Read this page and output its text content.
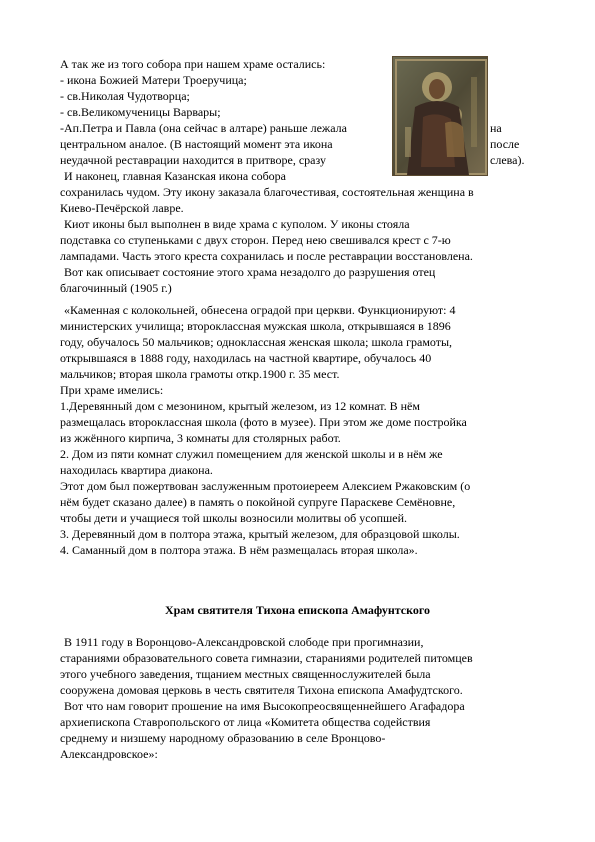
А так же из того собора при нашем храме остались:

- икона Божией Матери Троеручица;

- св.Николая Чудотворца;

- св.Великомученицы Варвары;

-Ап.Петра и Павла (она сейчас в алтаре) раньше лежала	на

центральном аналое. (В настоящий момент эта икона	после

неудачной реставрации находится в притворе, сразу	слева).

И наконец, главная Казанская икона собора

сохранилась чудом. Эту икону заказала благочестивая, состоятельная женщина в

Киево-Печёрской лавре.

Киот иконы был выполнен в виде храма с куполом. У иконы стояла

подставка со ступеньками с двух сторон. Перед нею свешивался крест с 7-ю

лампадами. Часть этого креста сохранилась и после реставрации восстановлена.

Вот как описывает состояние этого храма незадолго до разрушения отец

благочинный (1905 г.)

«Каменная с колокольней, обнесена оградой при церкви. Функционируют: 4

министерских училища; второклассная мужская школа, открывшаяся в 1896

году, обучалось 50 мальчиков; одноклассная женская школа; школа грамоты,

открывшаяся в 1888 году, находилась на частной квартире, обучалось 40

мальчиков; вторая школа грамоты откр.1900 г. 35 мест.

При храме имелись:

1.Деревянный дом с мезонином, крытый железом, из 12 комнат. В нём

размещалась второклассная школа (фото в музее). При этом же доме постройка

из жжённого кирпича, 3 комнаты для столярных работ.

2. Дом из пяти комнат служил помещением для женской школы и в нём же

находилась квартира диакона.

Этот дом был пожертвован заслуженным протоиереем Алексием Ржаковским (о

нём будет сказано далее) в память о покойной супруге Параскеве Семёновне,

чтобы дети и учащиеся той школы возносили молитвы об усопшей.

3. Деревянный дом в полтора этажа, крытый железом, для образцовой школы.

4. Саманный дом в полтора этажа. В нём размещалась вторая школа».

Храм святителя Тихона епископа Амафунтского

В 1911 году в Воронцово-Александровской слободе при прогимназии,

стараниями образовательного совета гимназии, стараниями родителей питомцев

этого учебного заведения, тщанием местных священнослужителей была

сооружена домовая церковь в честь святителя Тихона епископа Амафудтского.

Вот что нам говорит прошение на имя Высокопреосвященнейшего Агафадора

архиепископа Ставропольского от лица «Комитета общества содействия

среднему и низшему народному образованию в селе Вронцово-

Александровское»:
